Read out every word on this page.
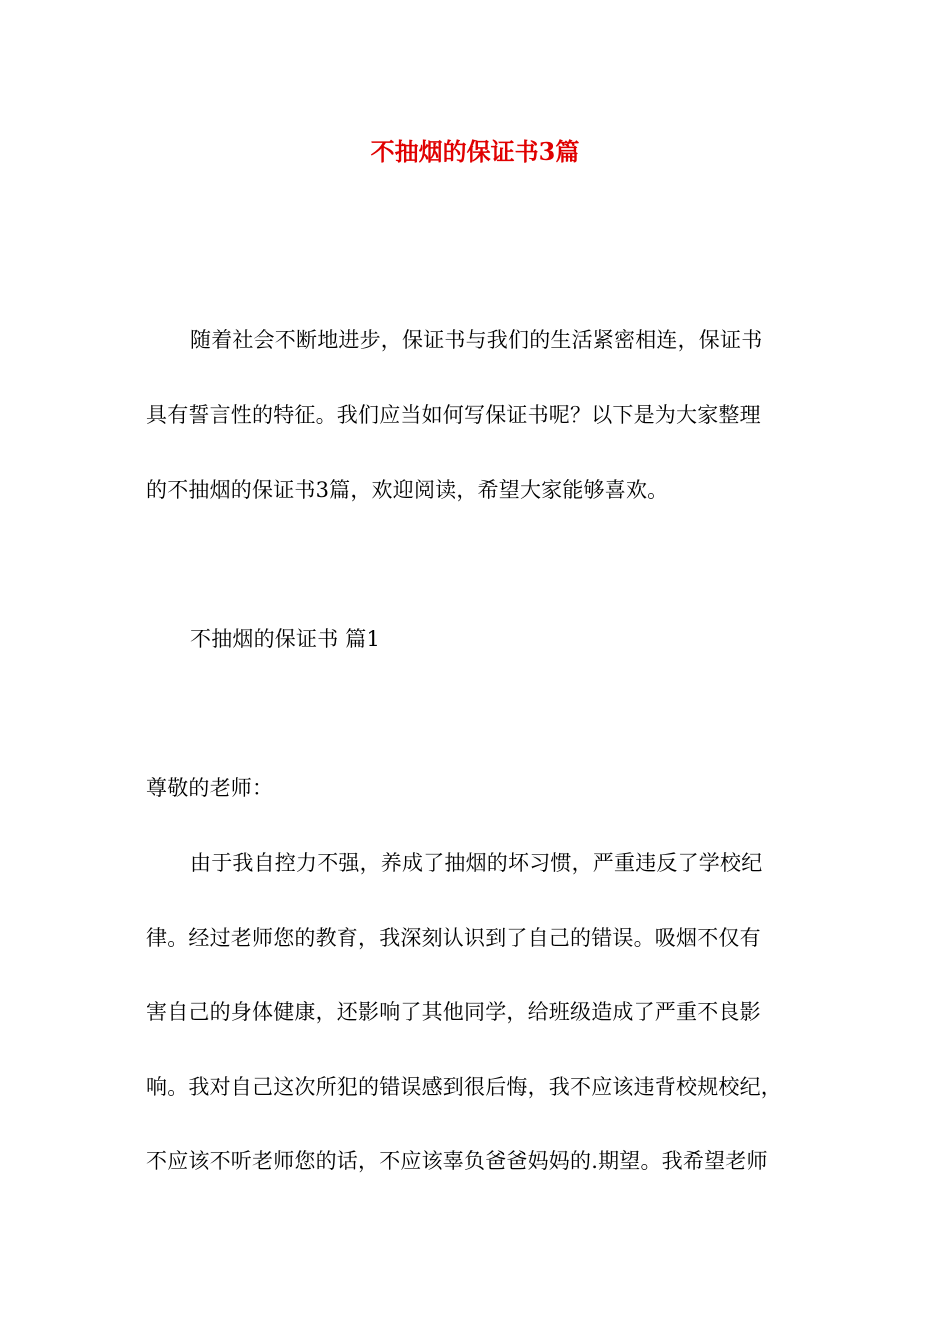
不抽烟的保证书3篇
随着社会不断地进步，保证书与我们的生活紧密相连，保证书
具有誓言性的特征。我们应当如何写保证书呢？以下是为大家整理
的不抽烟的保证书3篇，欢迎阅读，希望大家能够喜欢。
不抽烟的保证书 篇1
尊敬的老师：
由于我自控力不强，养成了抽烟的坏习惯，严重违反了学校纪
律。经过老师您的教育，我深刻认识到了自己的错误。吸烟不仅有
害自己的身体健康，还影响了其他同学，给班级造成了严重不良影
响。我对自己这次所犯的错误感到很后悔，我不应该违背校规校纪，
不应该不听老师您的话，不应该辜负爸爸妈妈的.期望。我希望老师
